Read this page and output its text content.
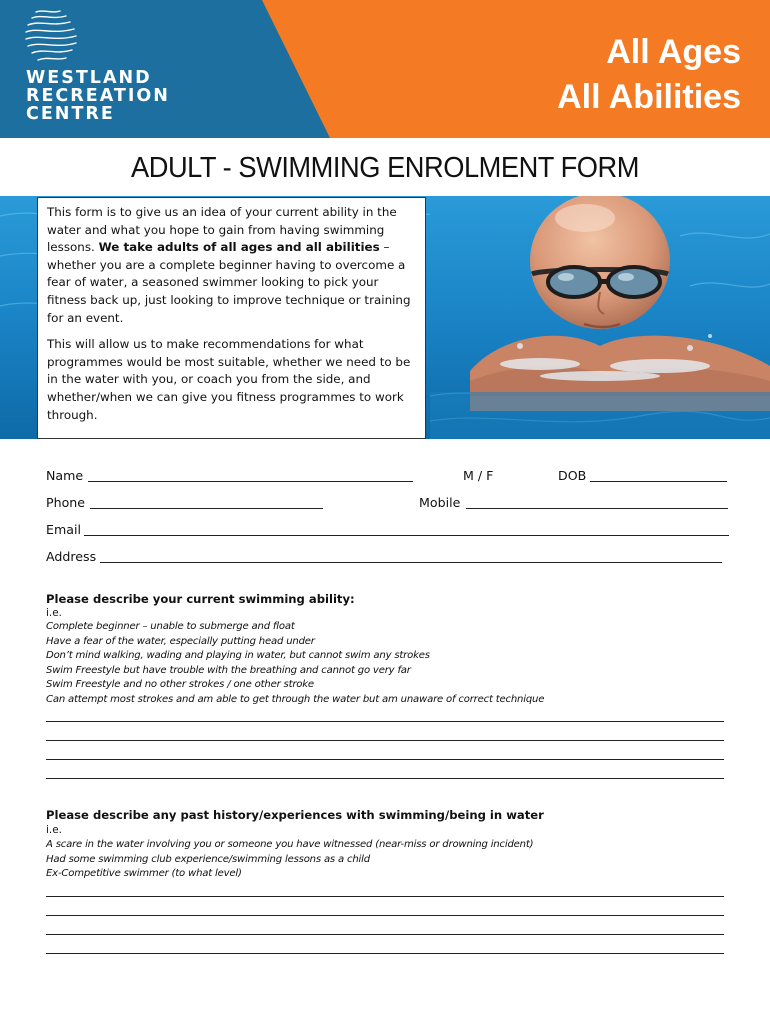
WESTLAND
RECREATION
CENTRE
All Ages
All Abilities
ADULT - SWIMMING ENROLMENT FORM

This form is to give us an idea of your current ability in the water and what you hope to gain from having swimming lessons. We take adults of all ages and all abilities – whether you are a complete beginner having to overcome a fear of water, a seasoned swimmer looking to pick your fitness back up, just looking to improve technique or training for an event.

This will allow us to make recommendations for what programmes would be most suitable, whether we need to be in the water with you, or coach you from the side, and whether/when we can give you fitness programmes to work through.

Name	M / F	DOB
Phone	Mobile
Email
Address
Please describe your current swimming ability:
i.e.
Complete beginner – unable to submerge and float
Have a fear of the water, especially putting head under
Don’t mind walking, wading and playing in water, but cannot swim any strokes
Swim Freestyle but have trouble with the breathing and cannot go very far
Swim Freestyle and no other strokes / one other stroke
Can attempt most strokes and am able to get through the water but am unaware of correct technique
Please describe any past history/experiences with swimming/being in water
i.e.
A scare in the water involving you or someone you have witnessed (near-miss or drowning incident)
Had some swimming club experience/swimming lessons as a child
Ex-Competitive swimmer (to what level)
